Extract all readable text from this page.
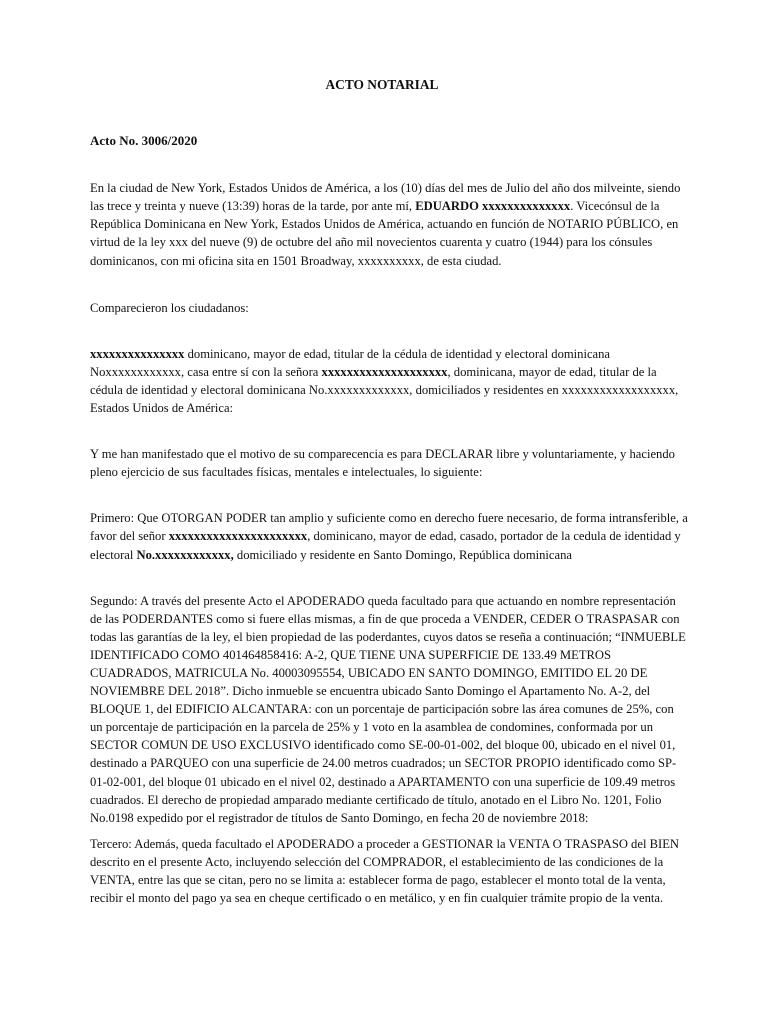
ACTO NOTARIAL
Acto No. 3006/2020

En la ciudad de New York, Estados Unidos de América, a los (10) días del mes de Julio del año dos milveinte, siendo las trece y treinta y nueve (13:39) horas de la tarde, por ante mí, EDUARDO xxxxxxxxxxxxxx. Vicecónsul de la República Dominicana en New York, Estados Unidos de América, actuando en función de NOTARIO PÚBLICO, en virtud de la ley xxx del nueve (9) de octubre del año mil novecientos cuarenta y cuatro (1944) para los cónsules dominicanos, con mi oficina sita en 1501 Broadway, xxxxxxxxxx, de esta ciudad.

Comparecieron los ciudadanos:

xxxxxxxxxxxxxxx dominicano, mayor de edad, titular de la cédula de identidad y electoral dominicana Noxxxxxxxxxxxx, casa entre sí con la señora xxxxxxxxxxxxxxxxxxxx, dominicana, mayor de edad, titular de la cédula de identidad y electoral dominicana No.xxxxxxxxxxxxx, domiciliados y residentes en xxxxxxxxxxxxxxxxxx, Estados Unidos de América:

Y me han manifestado que el motivo de su comparecencia es para DECLARAR libre y voluntariamente, y haciendo pleno ejercicio de sus facultades físicas, mentales e intelectuales, lo siguiente:

Primero: Que OTORGAN PODER tan amplio y suficiente como en derecho fuere necesario, de forma intransferible, a favor del señor xxxxxxxxxxxxxxxxxxxxxx, dominicano, mayor de edad, casado, portador de la cedula de identidad y electoral No.xxxxxxxxxxxx, domiciliado y residente en Santo Domingo, República dominicana

Segundo: A través del presente Acto el APODERADO queda facultado para que actuando en nombre representación de las PODERDANTES como si fuere ellas mismas, a fin de que proceda a VENDER, CEDER O TRASPASAR con todas las garantías de la ley, el bien propiedad de las poderdantes, cuyos datos se reseña a continuación; “INMUEBLE IDENTIFICADO COMO 401464858416: A-2, QUE TIENE UNA SUPERFICIE DE 133.49 METROS CUADRADOS, MATRICULA No. 40003095554, UBICADO EN SANTO DOMINGO, EMITIDO EL 20 DE NOVIEMBRE DEL 2018”. Dicho inmueble se encuentra ubicado Santo Domingo el Apartamento No. A-2, del BLOQUE 1, del EDIFICIO ALCANTARA: con un porcentaje de participación sobre las área comunes de 25%, con un porcentaje de participación en la parcela de 25% y 1 voto en la asamblea de condomines, conformada por un SECTOR COMUN DE USO EXCLUSIVO identificado como SE-00-01-002, del bloque 00, ubicado en el nivel 01, destinado a PARQUEO con una superficie de 24.00 metros cuadrados; un SECTOR PROPIO identificado como SP-01-02-001, del bloque 01 ubicado en el nivel 02, destinado a APARTAMENTO con una superficie de 109.49 metros cuadrados. El derecho de propiedad amparado mediante certificado de título, anotado en el Libro No. 1201, Folio No.0198 expedido por el registrador de títulos de Santo Domingo, en fecha 20 de noviembre 2018:

Tercero: Además, queda facultado el APODERADO a proceder a GESTIONAR la VENTA O TRASPASO del BIEN descrito en el presente Acto, incluyendo selección del COMPRADOR, el establecimiento de las condiciones de la VENTA, entre las que se citan, pero no se limita a: establecer forma de pago, establecer el monto total de la venta, recibir el monto del pago ya sea en cheque certificado o en metálico, y en fin cualquier trámite propio de la venta.
